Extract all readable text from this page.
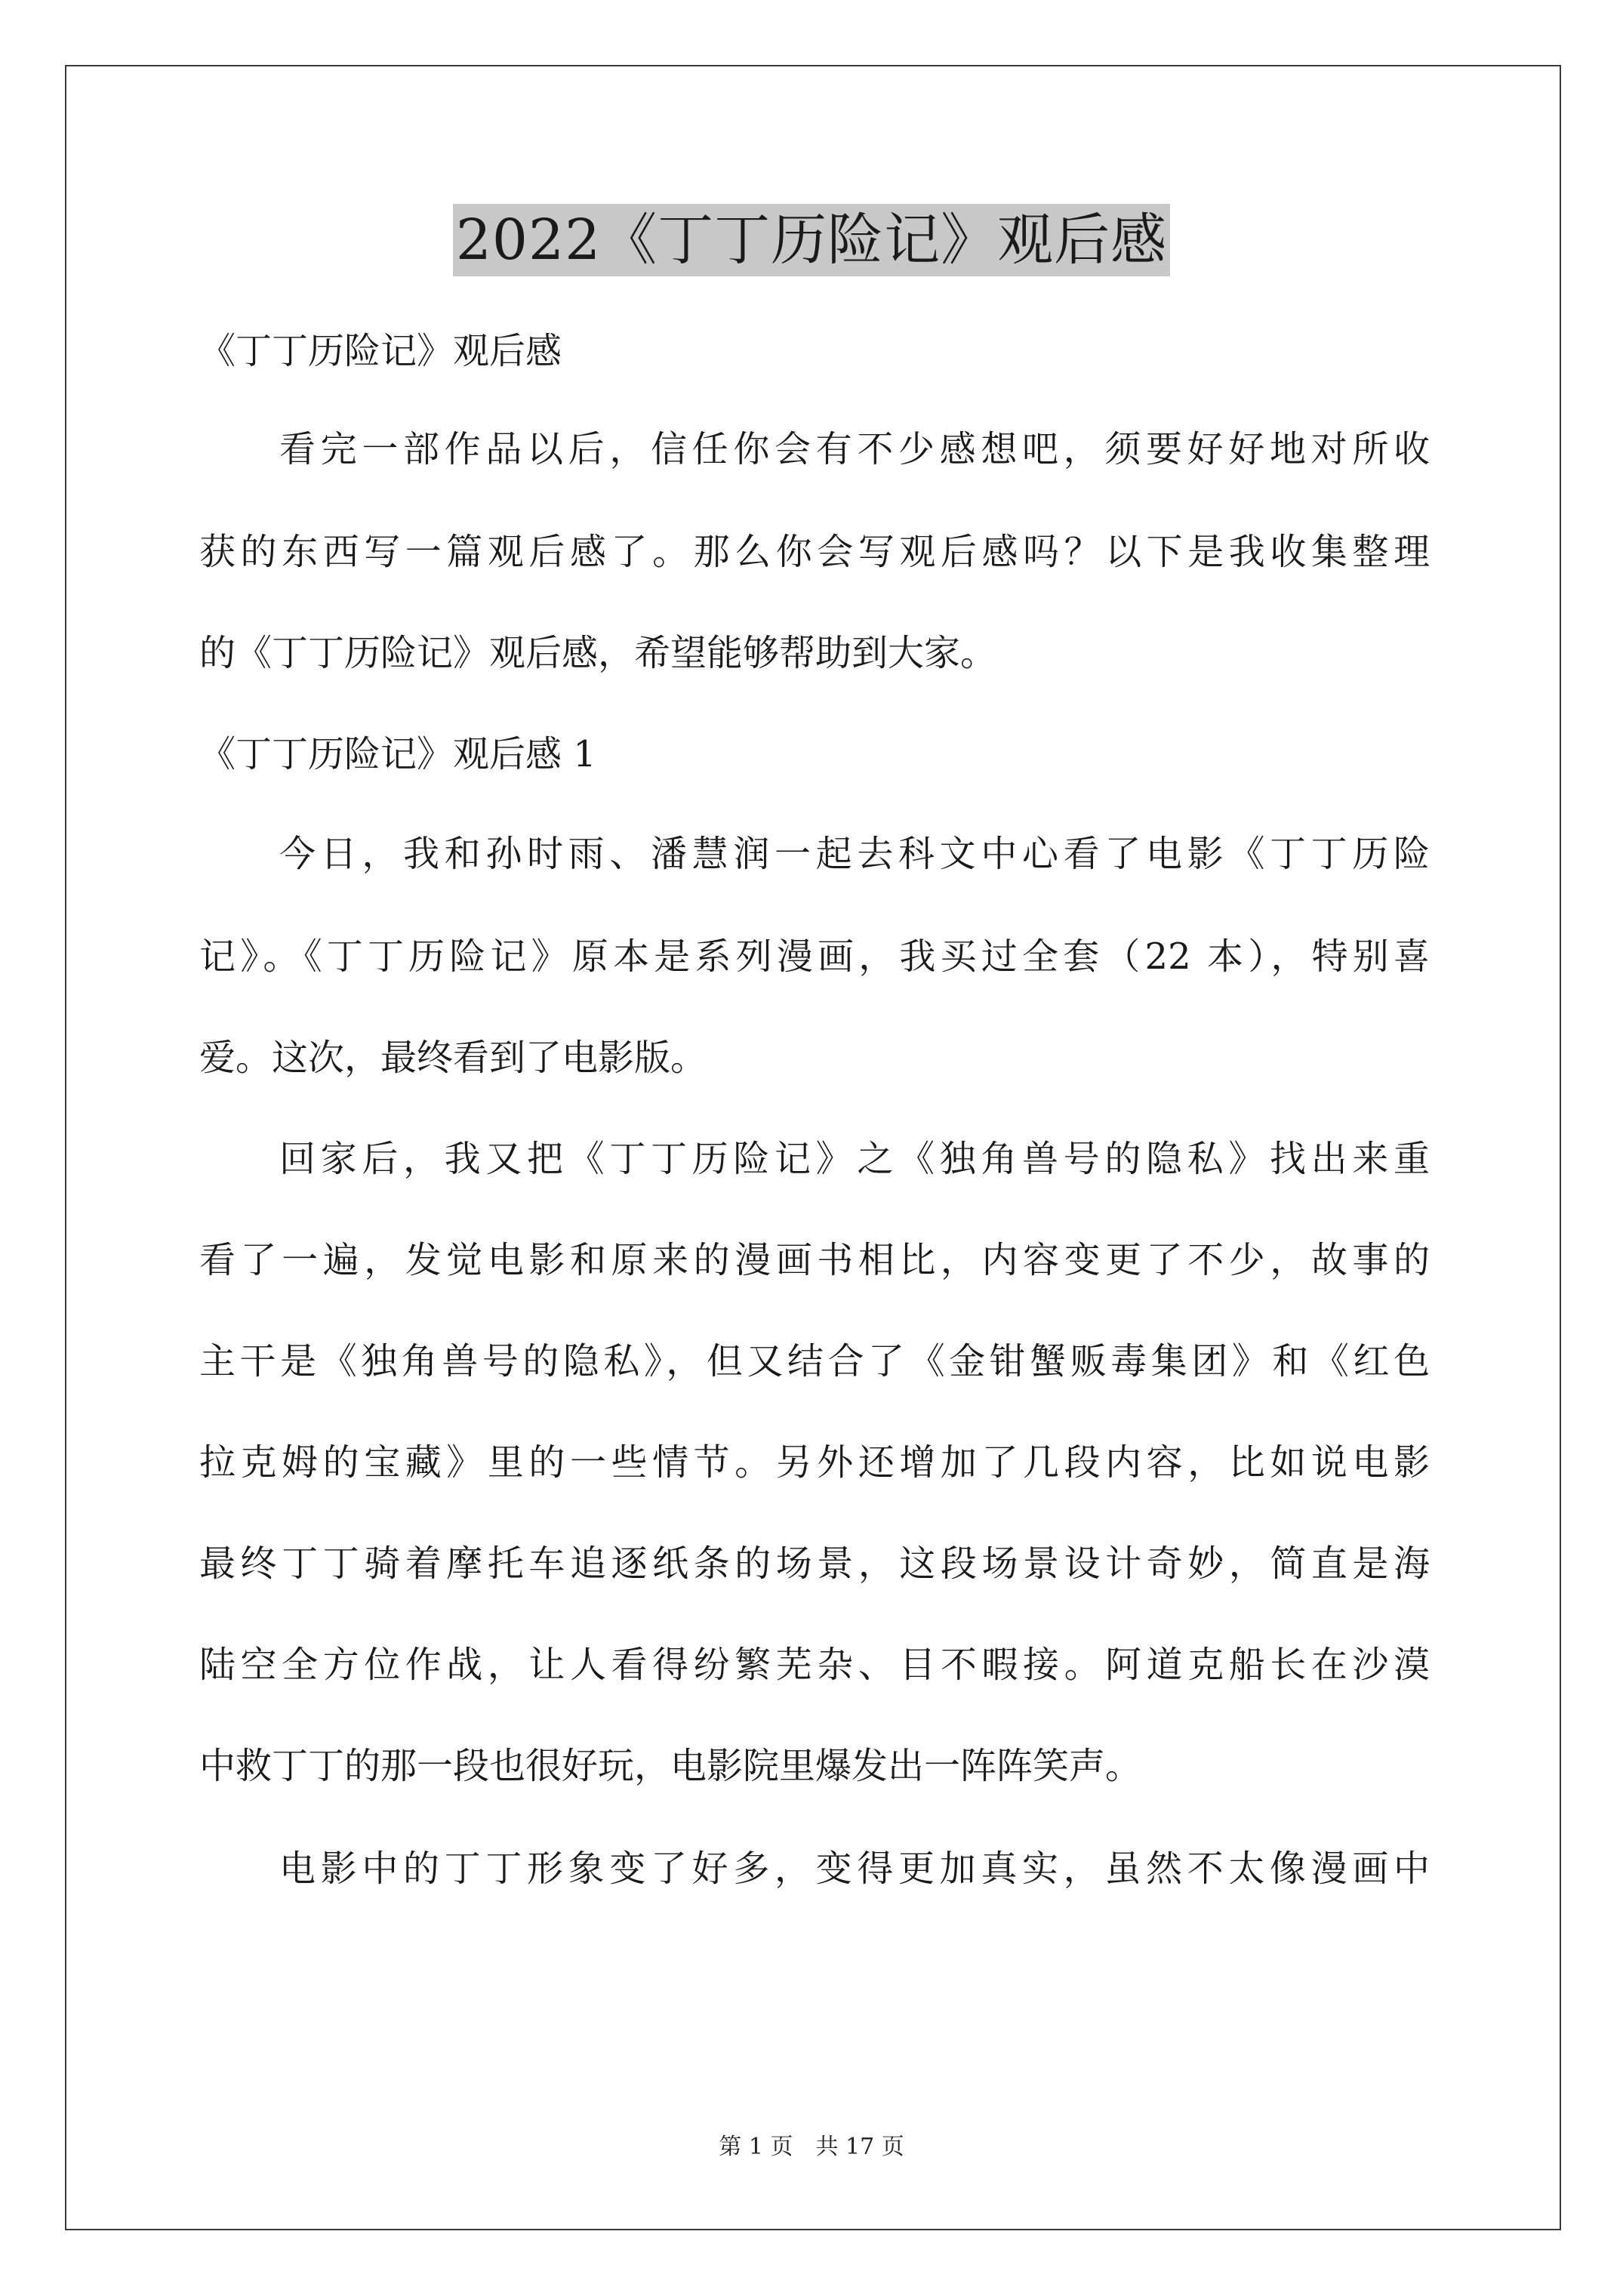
2022《丁丁历险记》观后感
《丁丁历险记》观后感
看完一部作品以后，信任你会有不少感想吧，须要好好地对所收
获的东西写一篇观后感了。那么你会写观后感吗？以下是我收集整理
的《丁丁历险记》观后感，希望能够帮助到大家。
《丁丁历险记》观后感 1
今日，我和孙时雨、潘慧润一起去科文中心看了电影《丁丁历险
记》。《丁丁历险记》原本是系列漫画，我买过全套（22 本），特别喜
爱。这次，最终看到了电影版。
回家后，我又把《丁丁历险记》之《独角兽号的隐私》找出来重
看了一遍，发觉电影和原来的漫画书相比，内容变更了不少，故事的
主干是《独角兽号的隐私》，但又结合了《金钳蟹贩毒集团》和《红色
拉克姆的宝藏》里的一些情节。另外还增加了几段内容，比如说电影
最终丁丁骑着摩托车追逐纸条的场景，这段场景设计奇妙，简直是海
陆空全方位作战，让人看得纷繁芜杂、目不暇接。阿道克船长在沙漠
中救丁丁的那一段也很好玩，电影院里爆发出一阵阵笑声。
电影中的丁丁形象变了好多，变得更加真实，虽然不太像漫画中
第 1 页　共 17 页
